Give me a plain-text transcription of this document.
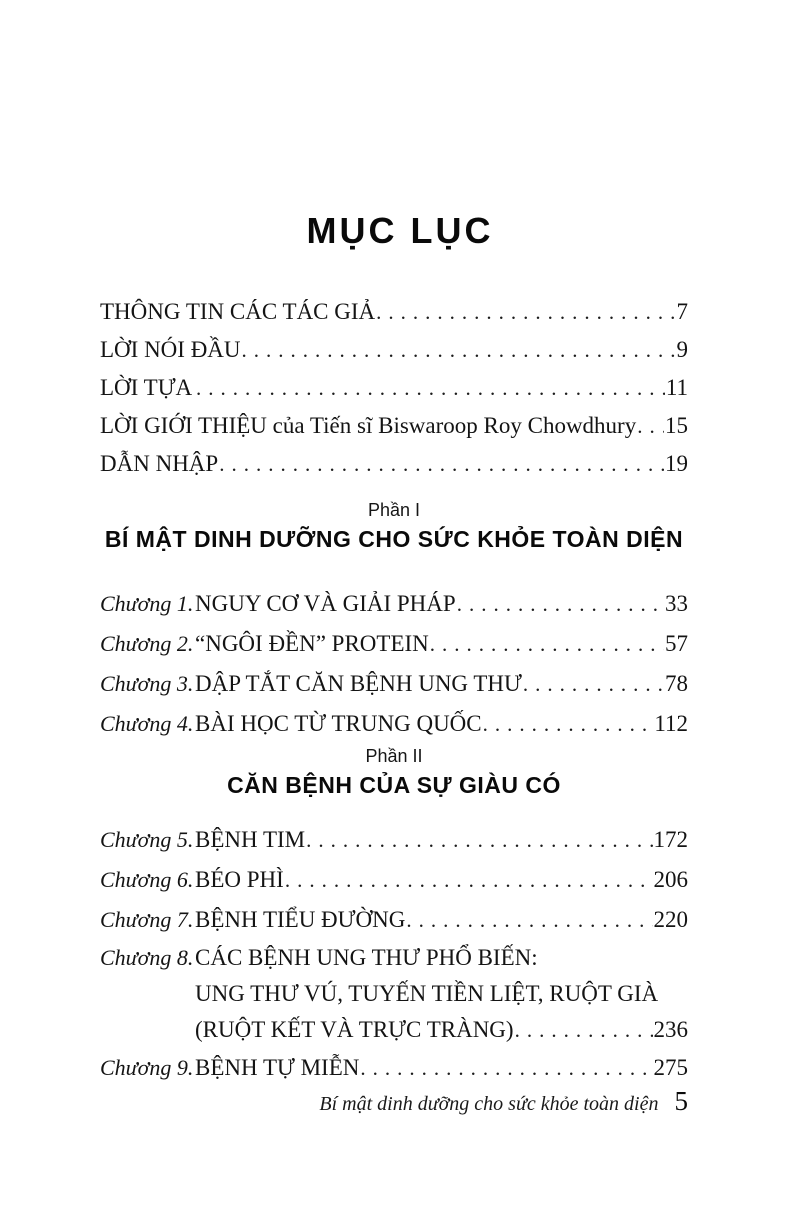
MỤC LỤC
THÔNG TIN CÁC TÁC GIẢ .....	7
LỜI NÓI ĐẦU .....	9
LỜI TỰA .....	11
LỜI GIỚI THIỆU của Tiến sĩ Biswaroop Roy Chowdhury ..... 15
DẪN NHẬP .....	19
Phần I
BÍ MẬT DINH DƯỠNG CHO SỨC KHỎE TOÀN DIỆN
Chương 1. NGUY CƠ VÀ GIẢI PHÁP .....	33
Chương 2. “NGÔI ĐỀN” PROTEIN .....	57
Chương 3. DẬP TẮT CĂN BỆNH UNG THƯ .....	78
Chương 4. BÀI HỌC TỪ TRUNG QUỐC .....	112
Phần II
CĂN BỆNH CỦA SỰ GIÀU CÓ
Chương 5. BỆNH TIM .....	172
Chương 6. BÉO PHÌ .....	206
Chương 7. BỆNH TIỂU ĐƯỜNG .....	220
Chương 8. CÁC BỆNH UNG THƯ PHỔ BIẾN: UNG THƯ VÚ, TUYẾN TIỀN LIỆT, RUỘT GIÀ
(RUỘT KẾT VÀ TRỰC TRÀNG) .....	236
Chương 9. BỆNH TỰ MIỄN .....	275
Bí mật dinh dưỡng cho sức khỏe toàn diện 5
